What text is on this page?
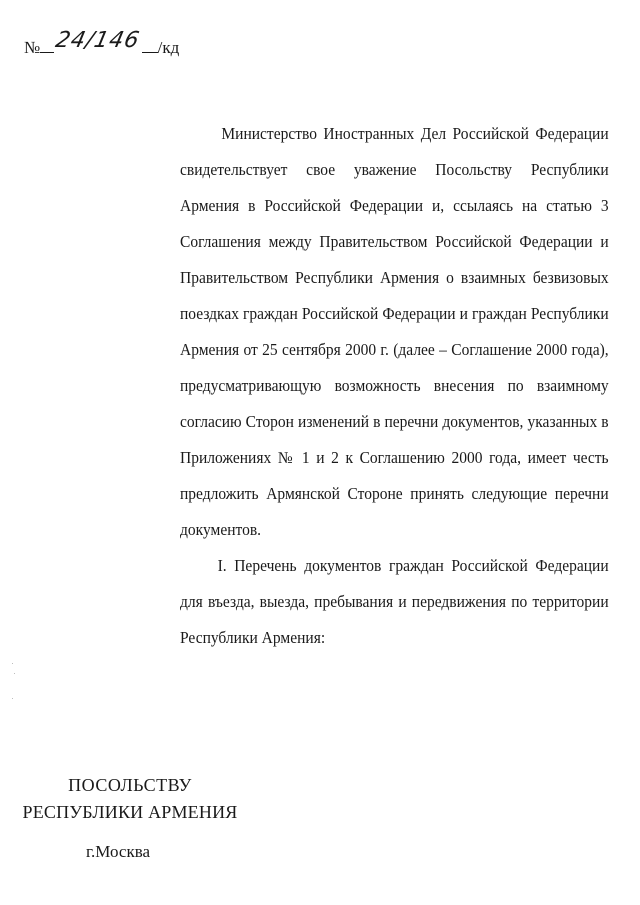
№ 24/146 /кд

Министерство Иностранных Дел Российской Федерации свидетельствует свое уважение Посольству Республики Армения в Российской Федерации и, ссылаясь на статью 3 Соглашения между Правительством Российской Федерации и Правительством Республики Армения о взаимных безвизовых поездках граждан Российской Федерации и граждан Республики Армения от 25 сентября 2000 г. (далее – Соглашение 2000 года), предусматривающую возможность внесения по взаимному согласию Сторон изменений в перечни документов, указанных в Приложениях № 1 и 2 к Соглашению 2000 года, имеет честь предложить Армянской Стороне принять следующие перечни документов.

I. Перечень документов граждан Российской Федерации для въезда, выезда, пребывания и передвижения по территории Республики Армения:

ПОСОЛЬСТВУ
РЕСПУБЛИКИ АРМЕНИЯ
г.Москва
